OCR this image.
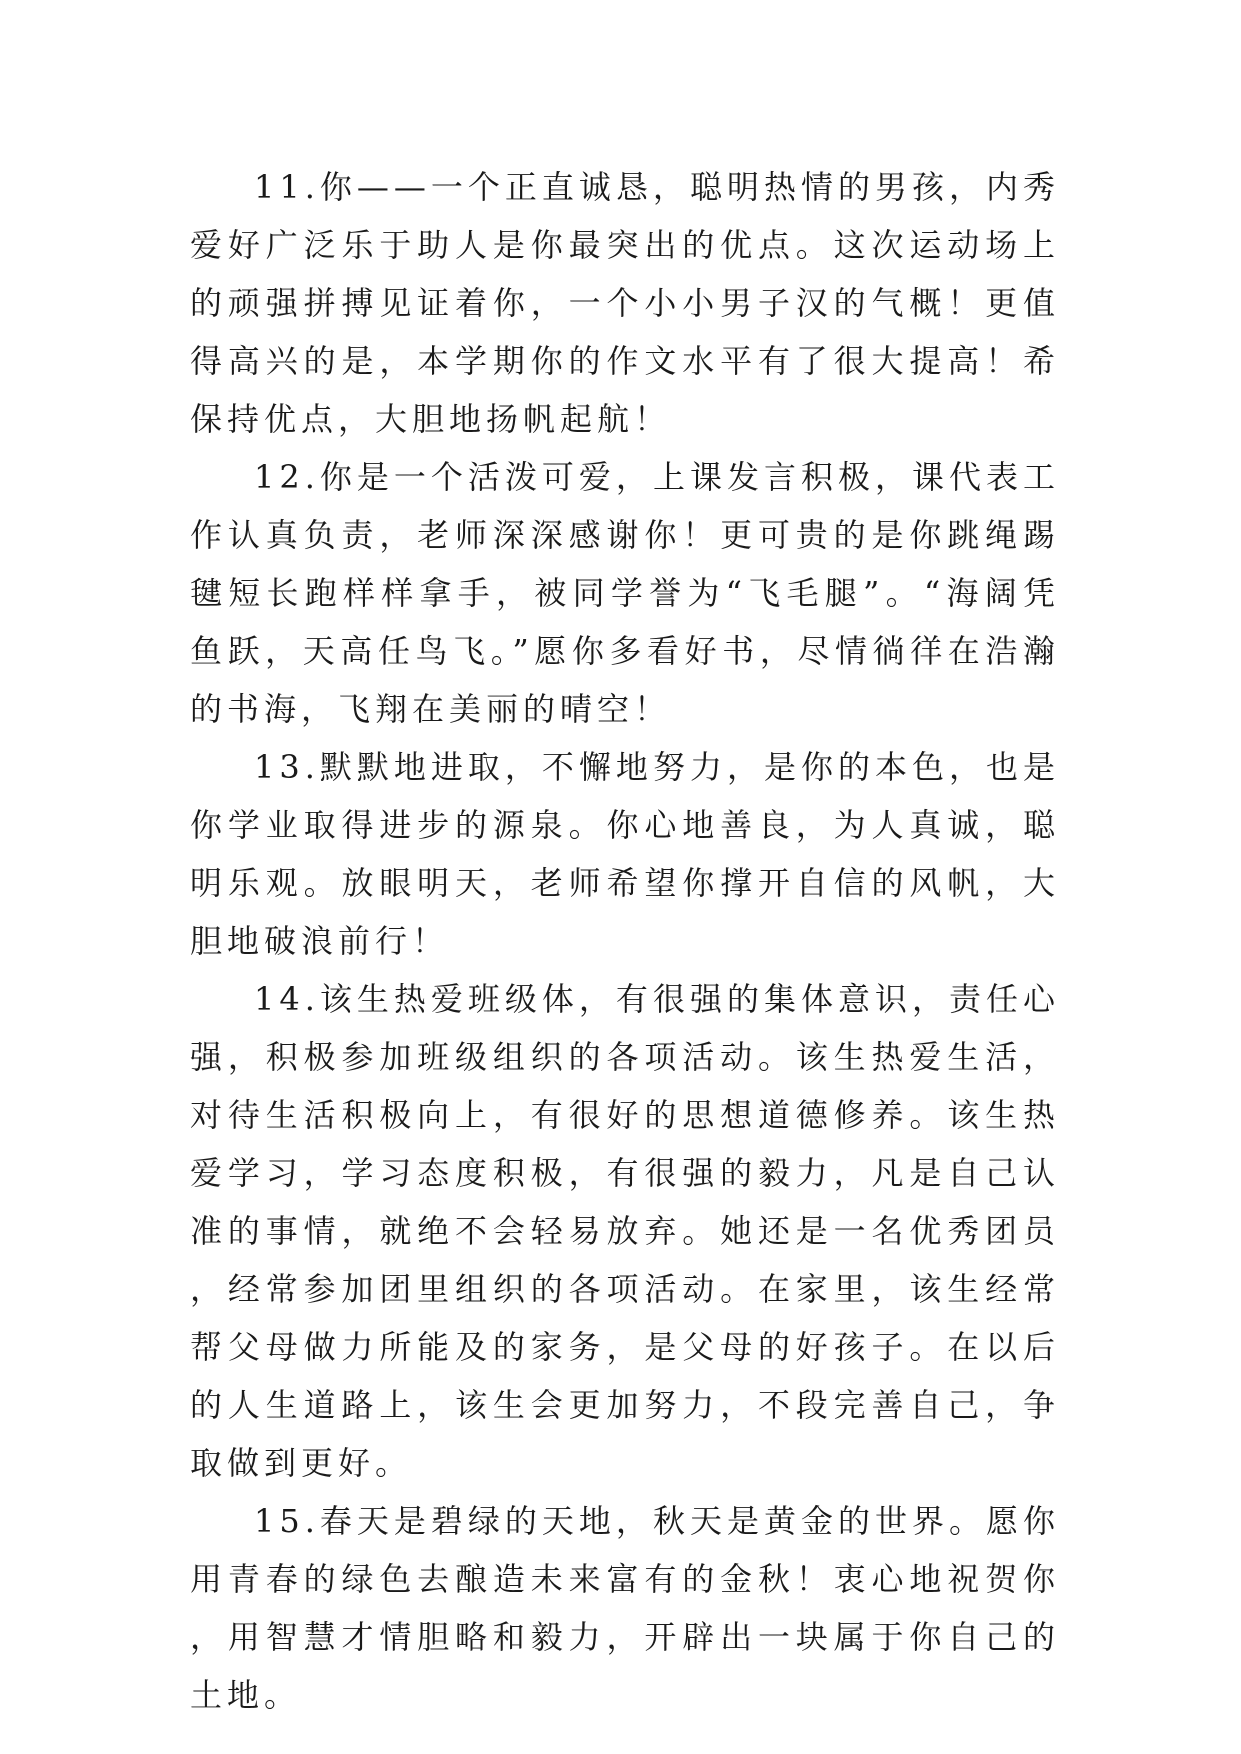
11.你——一个正直诚恳，聪明热情的男孩，内秀爱好广泛乐于助人是你最突出的优点。这次运动场上的顽强拼搏见证着你，一个小小男子汉的气概！更值得高兴的是，本学期你的作文水平有了很大提高！希保持优点，大胆地扬帆起航！

12.你是一个活泼可爱，上课发言积极，课代表工作认真负责，老师深深感谢你！更可贵的是你跳绳踢毽短长跑样样拿手，被同学誉为“飞毛腿”。“海阔凭鱼跃，天高任鸟飞。”愿你多看好书，尽情徜徉在浩瀚的书海，飞翔在美丽的晴空！

13.默默地进取，不懈地努力，是你的本色，也是你学业取得进步的源泉。你心地善良，为人真诚，聪明乐观。放眼明天，老师希望你撑开自信的风帆，大胆地破浪前行！

14.该生热爱班级体，有很强的集体意识，责任心强，积极参加班级组织的各项活动。该生热爱生活，对待生活积极向上，有很好的思想道德修养。该生热爱学习，学习态度积极，有很强的毅力，凡是自己认准的事情，就绝不会轻易放弃。她还是一名优秀团员，经常参加团里组织的各项活动。在家里，该生经常帮父母做力所能及的家务，是父母的好孩子。在以后的人生道路上，该生会更加努力，不段完善自己，争取做到更好。

15.春天是碧绿的天地，秋天是黄金的世界。愿你用青春的绿色去酿造未来富有的金秋！衷心地祝贺你，用智慧才情胆略和毅力，开辟出一块属于你自己的土地。
